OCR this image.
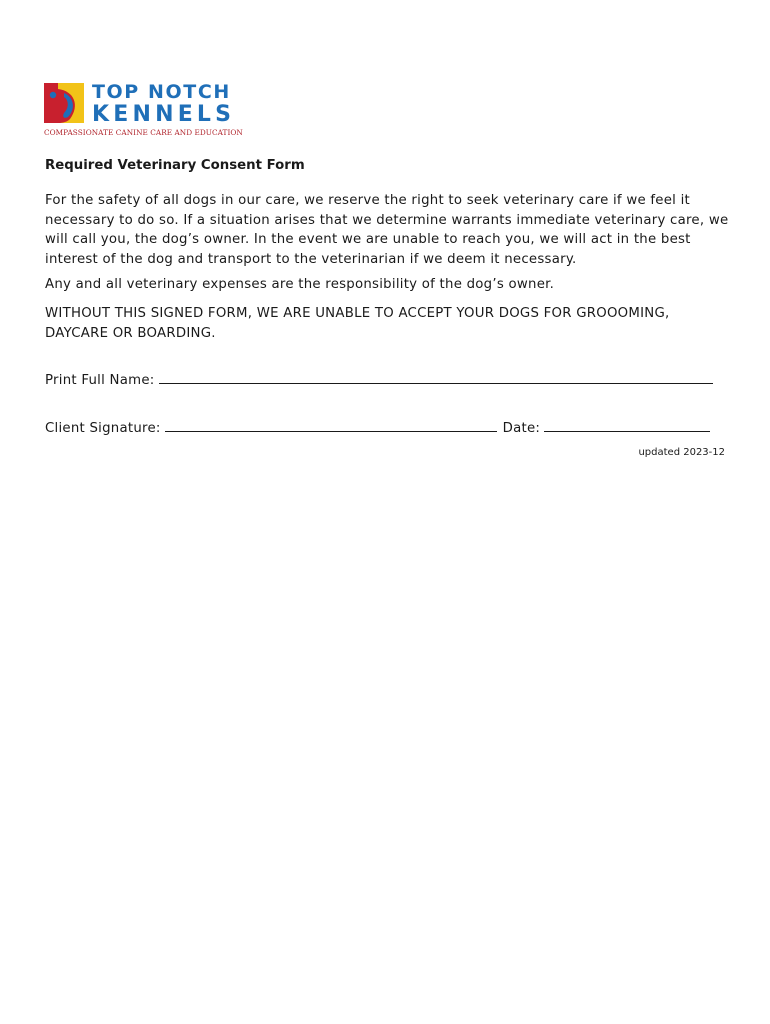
TOP NOTCH
KENNELS
COMPASSIONATE CANINE CARE AND EDUCATION
Required Veterinary Consent Form
For the safety of all dogs in our care, we reserve the right to seek veterinary care if we feel it necessary to do so. If a situation arises that we determine warrants immediate veterinary care, we will call you, the dog’s owner. In the event we are unable to reach you, we will act in the best interest of the dog and transport to the veterinarian if we deem it necessary.
Any and all veterinary expenses are the responsibility of the dog’s owner.
WITHOUT THIS SIGNED FORM, WE ARE UNABLE TO ACCEPT YOUR DOGS FOR GROOOMING, DAYCARE OR BOARDING.
Print Full Name:
Client Signature:	Date:
updated 2023-12
